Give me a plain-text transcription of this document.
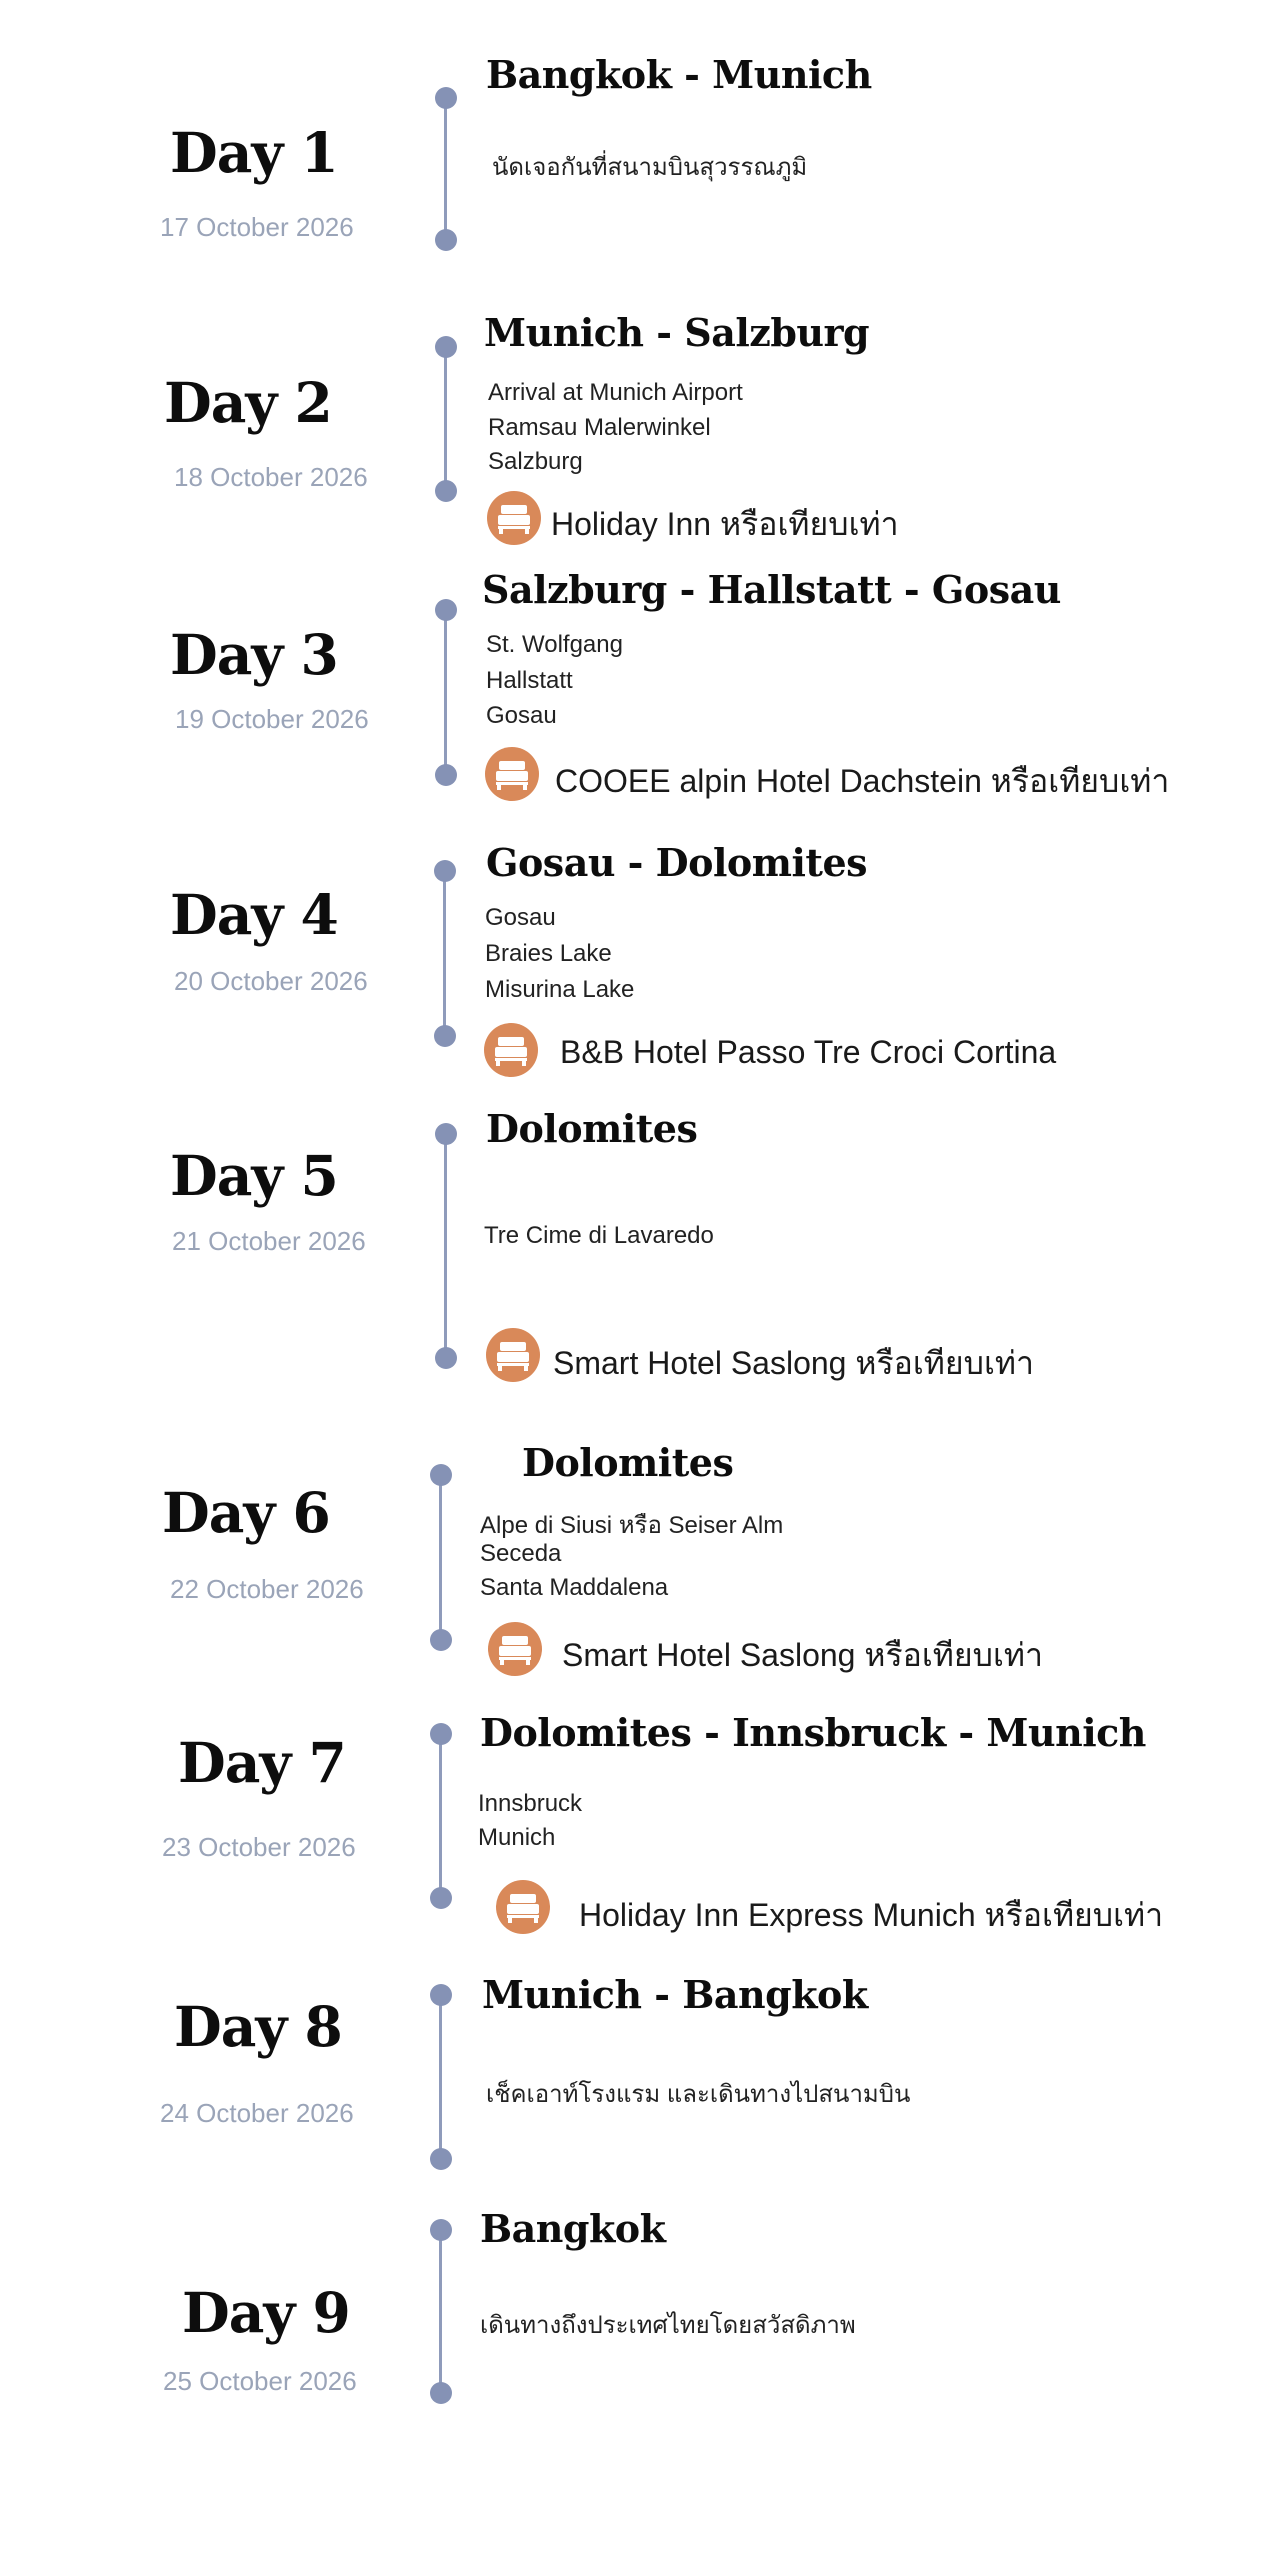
Day 1
17 October 2026
Bangkok - Munich
นัดเจอกันที่สนามบินสุวรรณภูมิ
Day 2
18 October 2026
Munich - Salzburg
Arrival at Munich Airport
Ramsau Malerwinkel
Salzburg
Holiday Inn หรือเทียบเท่า
Day 3
19 October 2026
Salzburg - Hallstatt - Gosau
St. Wolfgang
Hallstatt
Gosau
COOEE alpin Hotel Dachstein หรือเทียบเท่า
Day 4
20 October 2026
Gosau - Dolomites
Gosau
Braies Lake
Misurina Lake
B&B Hotel Passo Tre Croci Cortina
Day 5
21 October 2026
Dolomites
Tre Cime di Lavaredo
Smart Hotel Saslong หรือเทียบเท่า
Day 6
22 October 2026
Dolomites
Alpe di Siusi หรือ Seiser Alm
Seceda
Santa Maddalena
Smart Hotel Saslong หรือเทียบเท่า
Day 7
23 October 2026
Dolomites - Innsbruck - Munich
Innsbruck
Munich
Holiday Inn Express Munich หรือเทียบเท่า
Day 8
24 October 2026
Munich - Bangkok
เช็คเอาท์โรงแรม และเดินทางไปสนามบิน
Day 9
25 October 2026
Bangkok
เดินทางถึงประเทศไทยโดยสวัสดิภาพ
